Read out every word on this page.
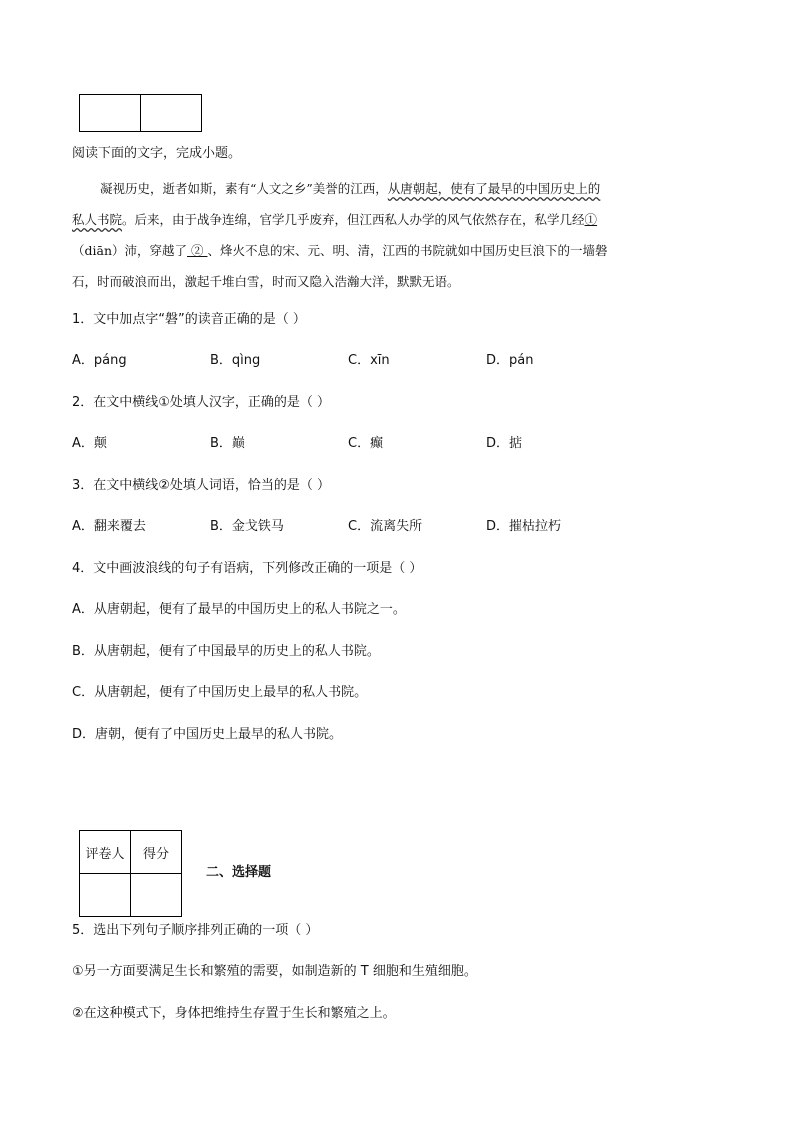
阅读下面的文字，完成小题。
凝视历史，逝者如斯，素有“人文之乡”美誉的江西，从唐朝起，使有了最早的中国历史上的
私人书院。后来，由于战争连绵，官学几乎废弃，但江西私人办学的风气依然存在，私学几经①
（diān）沛，穿越了 ② 、烽火不息的宋、元、明、清，江西的书院就如中国历史巨浪下的一墙磐
石，时而破浪而出，激起千堆白雪，时而又隐入浩瀚大洋，默默无语。
1．文中加点字“磐”的读音正确的是（ ）
A．páng	B．qìng	C．xīn	D．pán
2．在文中横线①处填人汉字，正确的是（ ）
A．颠	B．巅	C．癫	D．掂
3．在文中横线②处填人词语，恰当的是（ ）
A．翻来覆去	B．金戈铁马	C．流离失所	D．摧枯拉朽
4．文中画波浪线的句子有语病，下列修改正确的一项是（ ）
A．从唐朝起，便有了最早的中国历史上的私人书院之一。
B．从唐朝起，便有了中国最早的历史上的私人书院。
C．从唐朝起，便有了中国历史上最早的私人书院。
D．唐朝，便有了中国历史上最早的私人书院。
评卷人	得分

二、选择题
5．选出下列句子顺序排列正确的一项（ ）
①另一方面要满足生长和繁殖的需要，如制造新的 T 细胞和生殖细胞。
②在这种模式下，身体把维持生存置于生长和繁殖之上。
